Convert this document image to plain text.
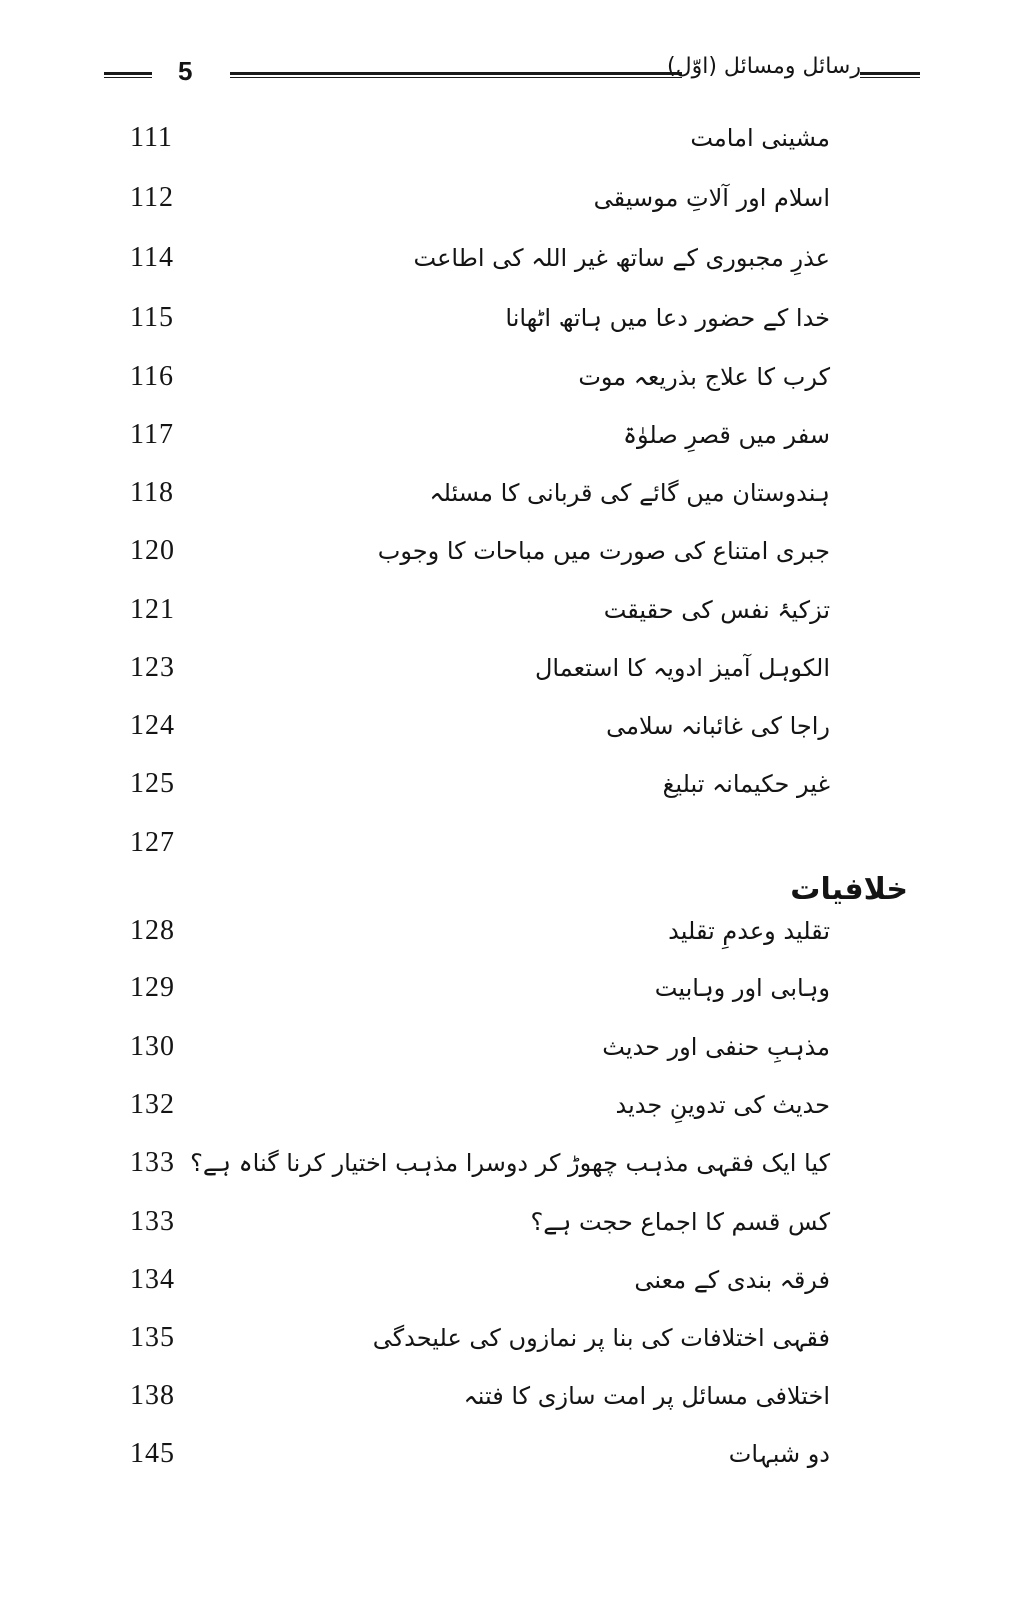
5	رسائل ومسائل (اوّل)
مشینی امامت
111
اسلام اور آلاتِ موسیقی
112
عذرِ مجبوری کے ساتھ غیر اللہ کی اطاعت
114
خدا کے حضور دعا میں ہاتھ اٹھانا
115
کرب کا علاج بذریعہ موت
116
سفر میں قصرِ صلوٰۃ
117
ہندوستان میں گائے کی قربانی کا مسئلہ
118
جبری امتناع کی صورت میں مباحات کا وجوب
120
تزکیۂ نفس کی حقیقت
121
الکوہل آمیز ادویہ کا استعمال
123
راجا کی غائبانہ سلامی
124
غیر حکیمانہ تبلیغ
125
127
خلافیات
تقلید وعدمِ تقلید
128
وہابی اور وہابیت
129
مذہبِ حنفی اور حدیث
130
حدیث کی تدوینِ جدید
132
کیا ایک فقہی مذہب چھوڑ کر دوسرا مذہب اختیار کرنا گناہ ہے؟
133
کس قسم کا اجماع حجت ہے؟
133
فرقہ بندی کے معنی
134
فقہی اختلافات کی بنا پر نمازوں کی علیحدگی
135
اختلافی مسائل پر امت سازی کا فتنہ
138
دو شبہات
145
